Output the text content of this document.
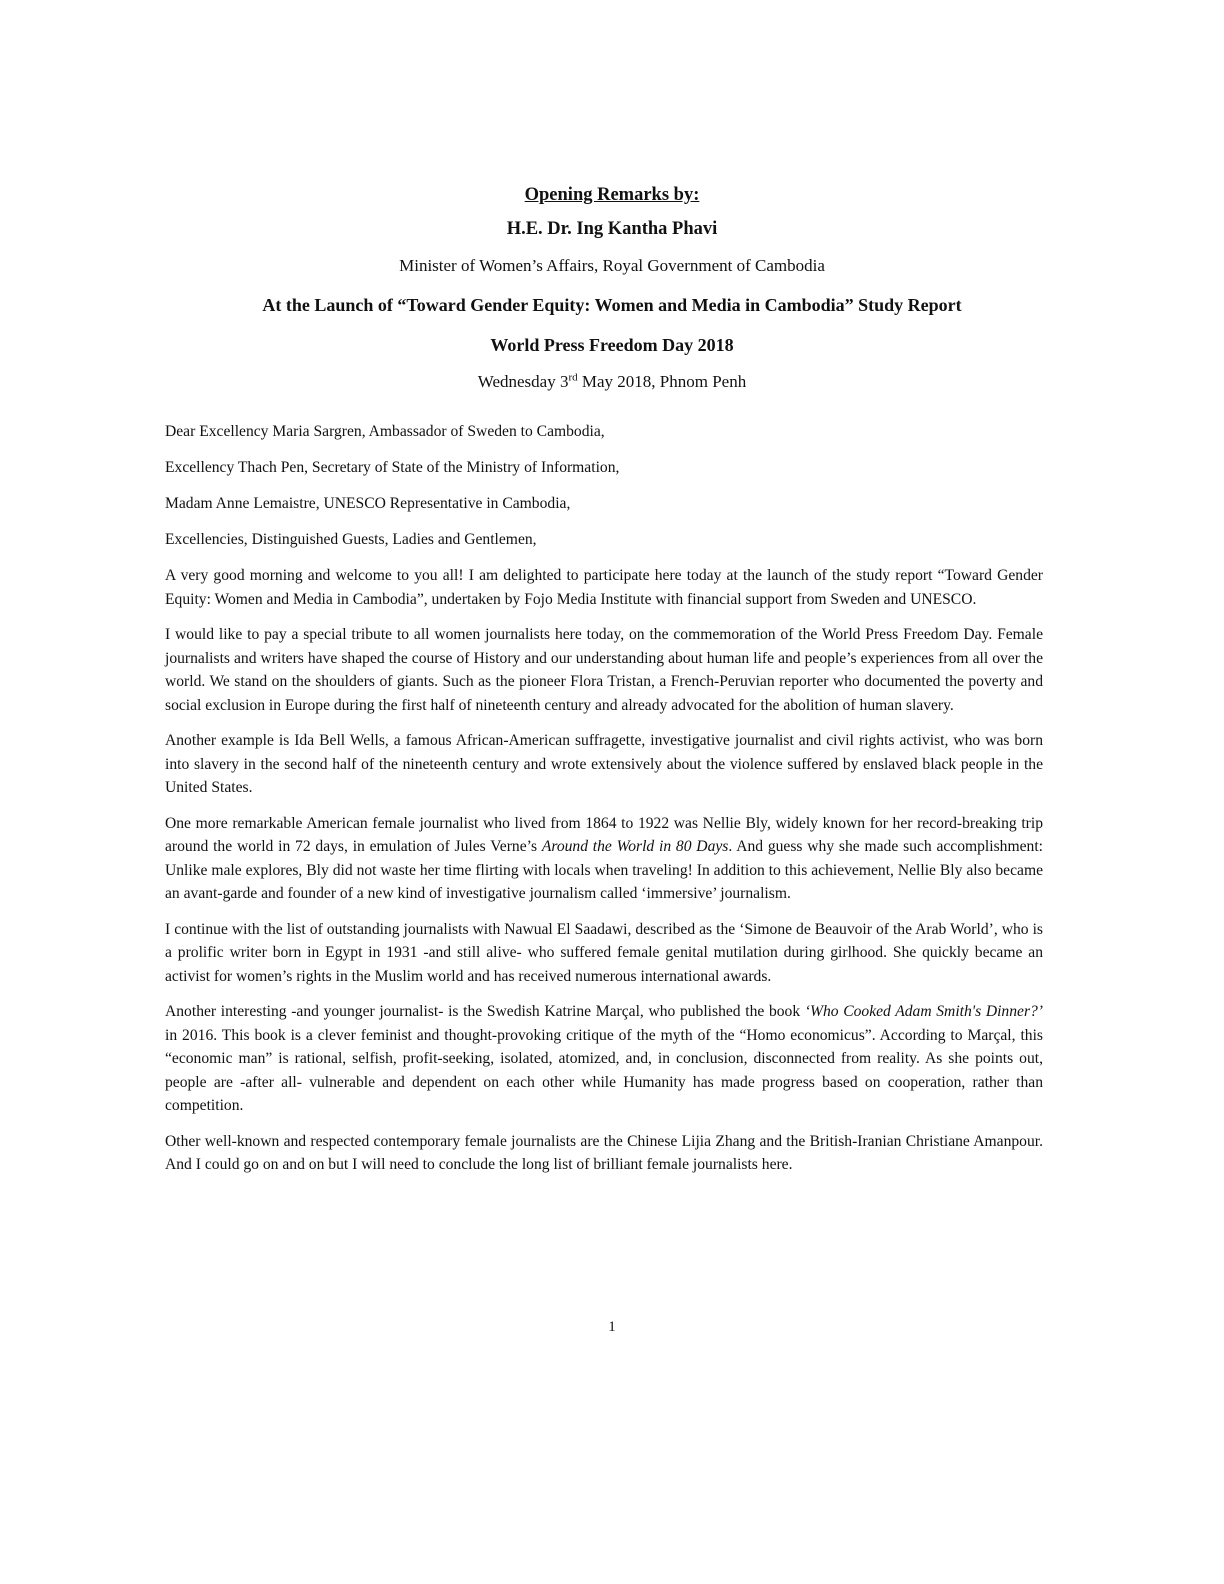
Opening Remarks by:
H.E. Dr. Ing Kantha Phavi
Minister of Women’s Affairs, Royal Government of Cambodia
At the Launch of “Toward Gender Equity: Women and Media in Cambodia” Study Report
World Press Freedom Day 2018
Wednesday 3rd May 2018, Phnom Penh

Dear Excellency Maria Sargren, Ambassador of Sweden to Cambodia,

Excellency Thach Pen, Secretary of State of the Ministry of Information,

Madam Anne Lemaistre, UNESCO Representative in Cambodia,

Excellencies, Distinguished Guests, Ladies and Gentlemen,

A very good morning and welcome to you all! I am delighted to participate here today at the launch of the study report “Toward Gender Equity: Women and Media in Cambodia”, undertaken by Fojo Media Institute with financial support from Sweden and UNESCO.

I would like to pay a special tribute to all women journalists here today, on the commemoration of the World Press Freedom Day. Female journalists and writers have shaped the course of History and our understanding about human life and people’s experiences from all over the world. We stand on the shoulders of giants. Such as the pioneer Flora Tristan, a French-Peruvian reporter who documented the poverty and social exclusion in Europe during the first half of nineteenth century and already advocated for the abolition of human slavery.

Another example is Ida Bell Wells, a famous African-American suffragette, investigative journalist and civil rights activist, who was born into slavery in the second half of the nineteenth century and wrote extensively about the violence suffered by enslaved black people in the United States.

One more remarkable American female journalist who lived from 1864 to 1922 was Nellie Bly, widely known for her record-breaking trip around the world in 72 days, in emulation of Jules Verne’s Around the World in 80 Days. And guess why she made such accomplishment: Unlike male explores, Bly did not waste her time flirting with locals when traveling! In addition to this achievement, Nellie Bly also became an avant-garde and founder of a new kind of investigative journalism called ‘immersive’ journalism.

I continue with the list of outstanding journalists with Nawual El Saadawi, described as the ‘Simone de Beauvoir of the Arab World’, who is a prolific writer born in Egypt in 1931 -and still alive- who suffered female genital mutilation during girlhood. She quickly became an activist for women’s rights in the Muslim world and has received numerous international awards.

Another interesting -and younger journalist- is the Swedish Katrine Marçal, who published the book ‘Who Cooked Adam Smith's Dinner?’ in 2016. This book is a clever feminist and thought-provoking critique of the myth of the “Homo economicus”. According to Marçal, this “economic man” is rational, selfish, profit-seeking, isolated, atomized, and, in conclusion, disconnected from reality. As she points out, people are -after all- vulnerable and dependent on each other while Humanity has made progress based on cooperation, rather than competition.

Other well-known and respected contemporary female journalists are the Chinese Lijia Zhang and the British-Iranian Christiane Amanpour. And I could go on and on but I will need to conclude the long list of brilliant female journalists here.

1
